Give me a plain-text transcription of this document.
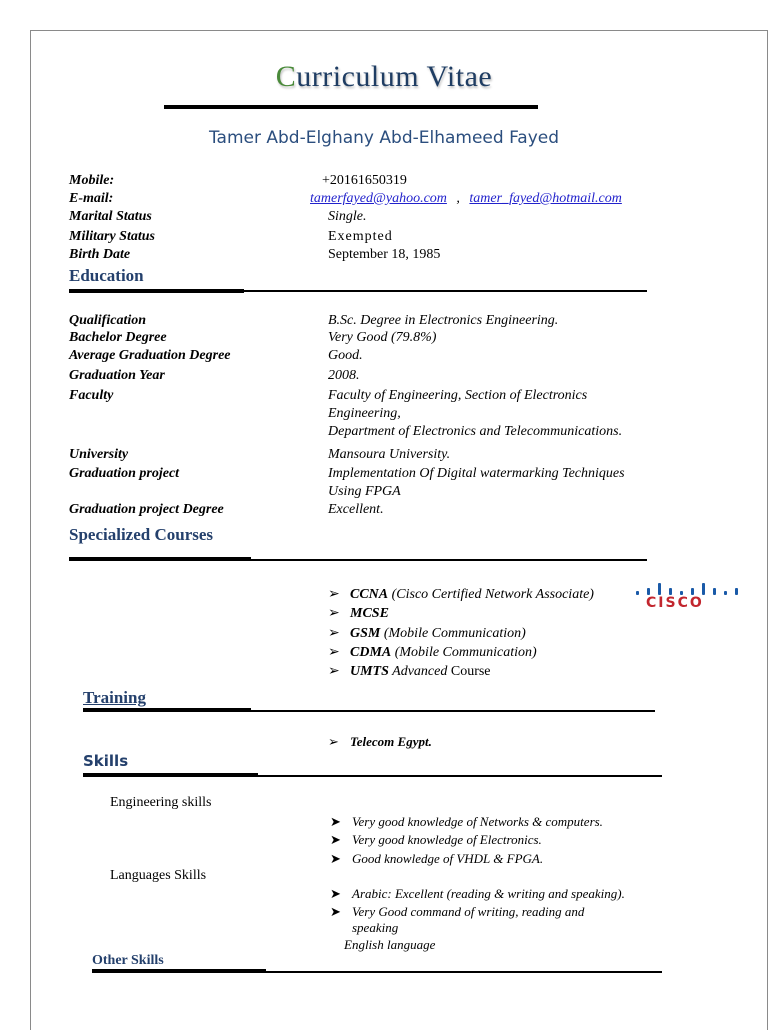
Curriculum Vitae
Tamer Abd-Elghany Abd-Elhameed Fayed
Mobile:	+20161650319
E-mail:	tamerfayed@yahoo.com , tamer_fayed@hotmail.com
Marital Status	Single.
Military Status	Exempted
Birth Date	September 18, 1985
Education
Qualification	B.Sc. Degree in Electronics Engineering.
Bachelor Degree	Very Good (79.8%)
Average Graduation Degree	Good.
Graduation Year	2008.
Faculty	Faculty of Engineering, Section of Electronics
Engineering,
Department of Electronics and Telecommunications.
University	Mansoura University.
Graduation project	Implementation Of Digital watermarking Techniques
Using FPGA
Graduation project Degree	Excellent.
Specialized Courses
➢ CCNA (Cisco Certified Network Associate)
➢ MCSE
➢ GSM (Mobile Communication)
➢ CDMA (Mobile Communication)
➢ UMTS Advanced Course
CISCO
Training
➢ Telecom Egypt.
Skills
Engineering skills
➤ Very good knowledge of Networks & computers.
➤ Very good knowledge of Electronics.
➤ Good knowledge of VHDL & FPGA.
Languages Skills
➤ Arabic: Excellent (reading & writing and speaking).
➤ Very Good command of writing, reading and
speaking
English language
Other Skills
